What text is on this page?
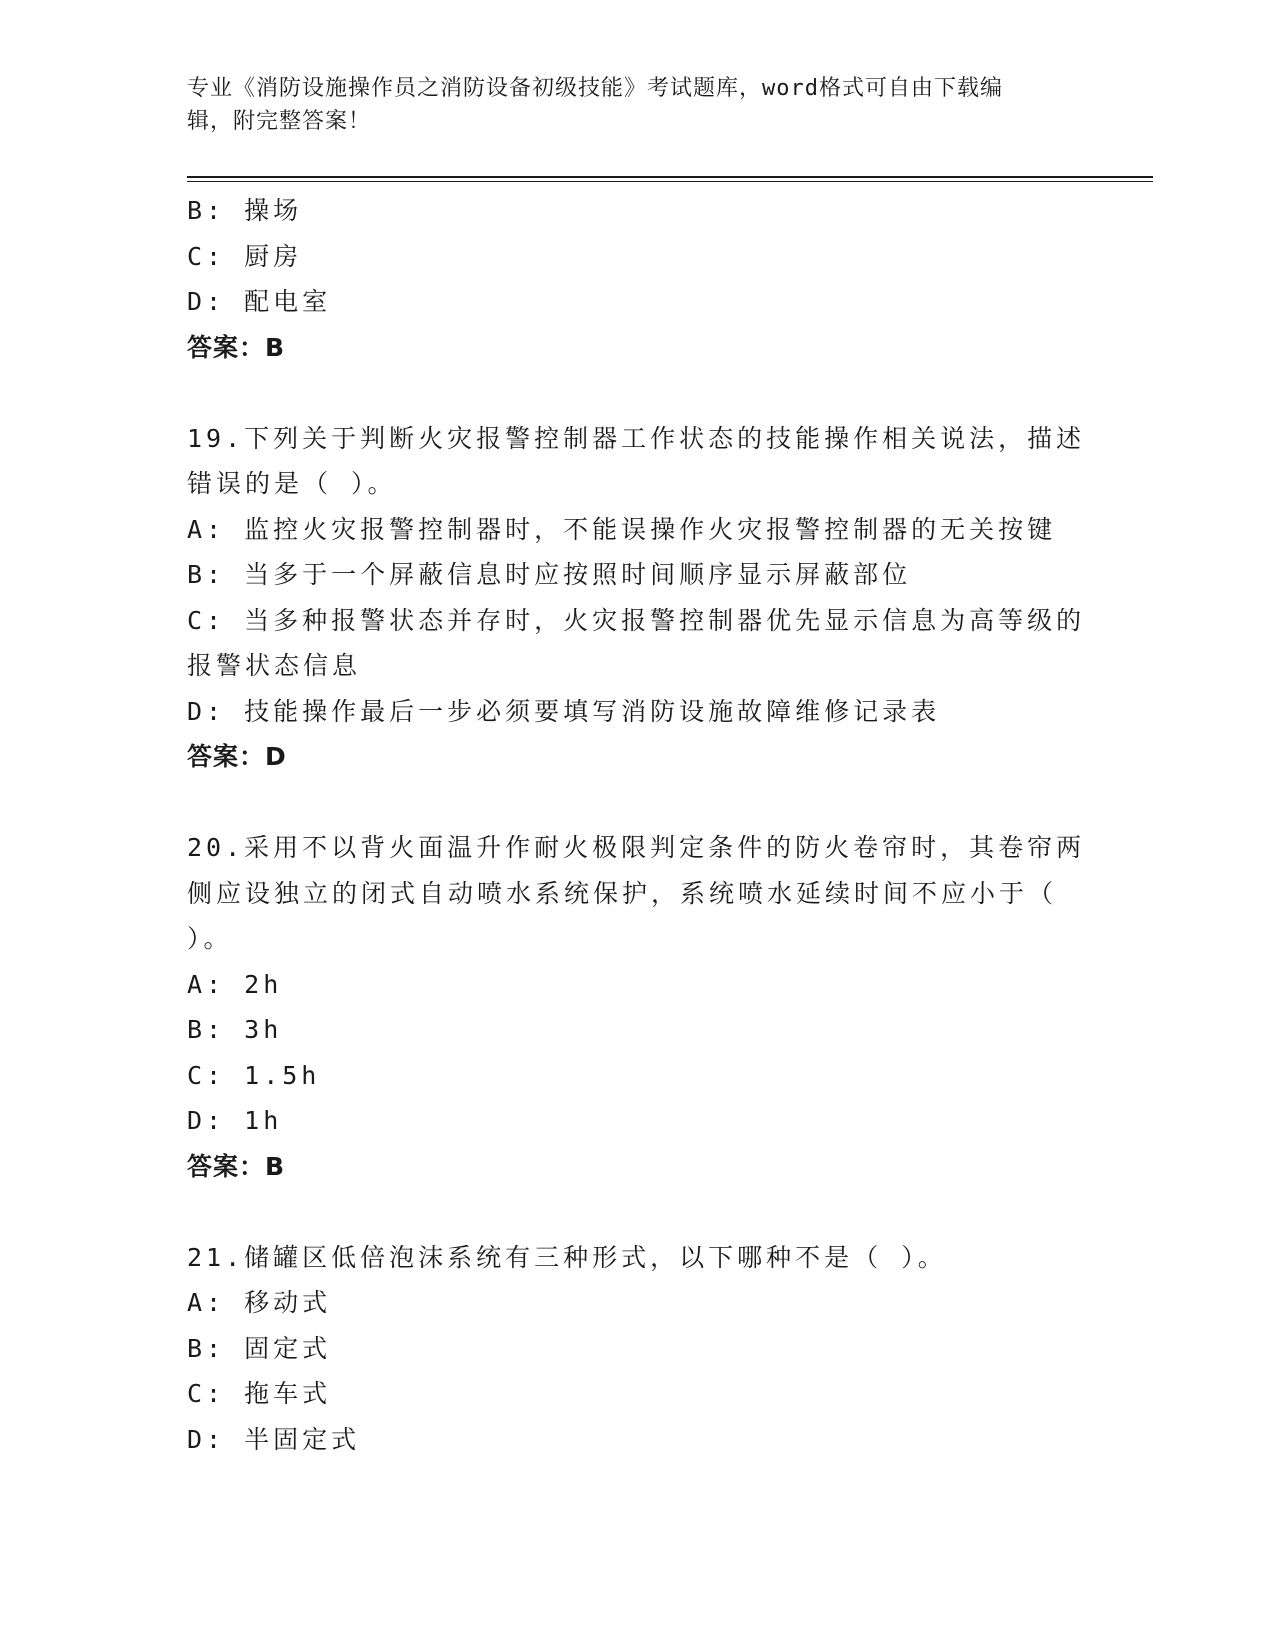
专业《消防设施操作员之消防设备初级技能》考试题库，word格式可自由下载编
辑，附完整答案！
B: 操场
C: 厨房
D: 配电室
答案：B
19.下列关于判断火灾报警控制器工作状态的技能操作相关说法，描述
错误的是（ ）。
A: 监控火灾报警控制器时，不能误操作火灾报警控制器的无关按键
B: 当多于一个屏蔽信息时应按照时间顺序显示屏蔽部位
C: 当多种报警状态并存时，火灾报警控制器优先显示信息为高等级的
报警状态信息
D: 技能操作最后一步必须要填写消防设施故障维修记录表
答案：D
20.采用不以背火面温升作耐火极限判定条件的防火卷帘时，其卷帘两
侧应设独立的闭式自动喷水系统保护，系统喷水延续时间不应小于（
）。
A: 2h
B: 3h
C: 1.5h
D: 1h
答案：B
21.储罐区低倍泡沫系统有三种形式，以下哪种不是（ ）。
A: 移动式
B: 固定式
C: 拖车式
D: 半固定式
